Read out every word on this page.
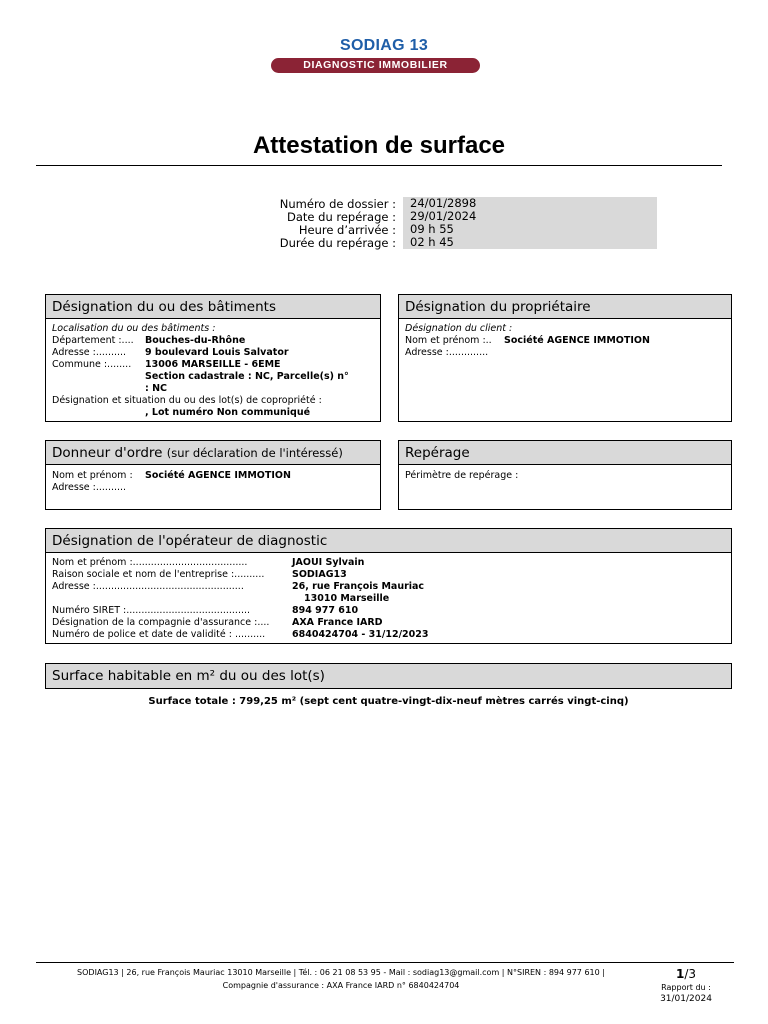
SODIAG 13
DIAGNOSTIC IMMOBILIER
Attestation de surface
Numéro de dossier :	24/01/2898
Date du repérage :	29/01/2024
Heure d’arrivée :	09 h 55
Durée du repérage :	02 h 45
Désignation du ou des bâtiments
Localisation du ou des bâtiments :
Département :.... Bouches-du-Rhône
Adresse :.......... 9 boulevard Louis Salvator
Commune :........ 13006 MARSEILLE - 6EME
Section cadastrale : NC, Parcelle(s) n°
: NC
Désignation et situation du ou des lot(s) de copropriété :
, Lot numéro Non communiqué
Désignation du propriétaire
Désignation du client :
Nom et prénom :.. Société AGENCE IMMOTION
Adresse :.............
Donneur d'ordre (sur déclaration de l'intéressé)
Nom et prénom : Société AGENCE IMMOTION
Adresse :..........
Repérage
Périmètre de repérage :
Désignation de l'opérateur de diagnostic
Nom et prénom :......................................	JAOUI Sylvain
Raison sociale et nom de l'entreprise :..........	SODIAG13
Adresse :.................................................	26, rue François Mauriac
13010 Marseille
Numéro SIRET :.........................................	894 977 610
Désignation de la compagnie d'assurance :.... AXA France IARD
Numéro de police et date de validité : ..........	6840424704 - 31/12/2023
Surface habitable en m² du ou des lot(s)
Surface totale : 799,25 m² (sept cent quatre-vingt-dix-neuf mètres carrés vingt-cinq)
SODIAG13 | 26, rue François Mauriac 13010 Marseille | Tél. : 06 21 08 53 95 - Mail : sodiag13@gmail.com | N°SIREN : 894 977 610 |
Compagnie d'assurance : AXA France IARD n° 6840424704
1/3
Rapport du :
31/01/2024
